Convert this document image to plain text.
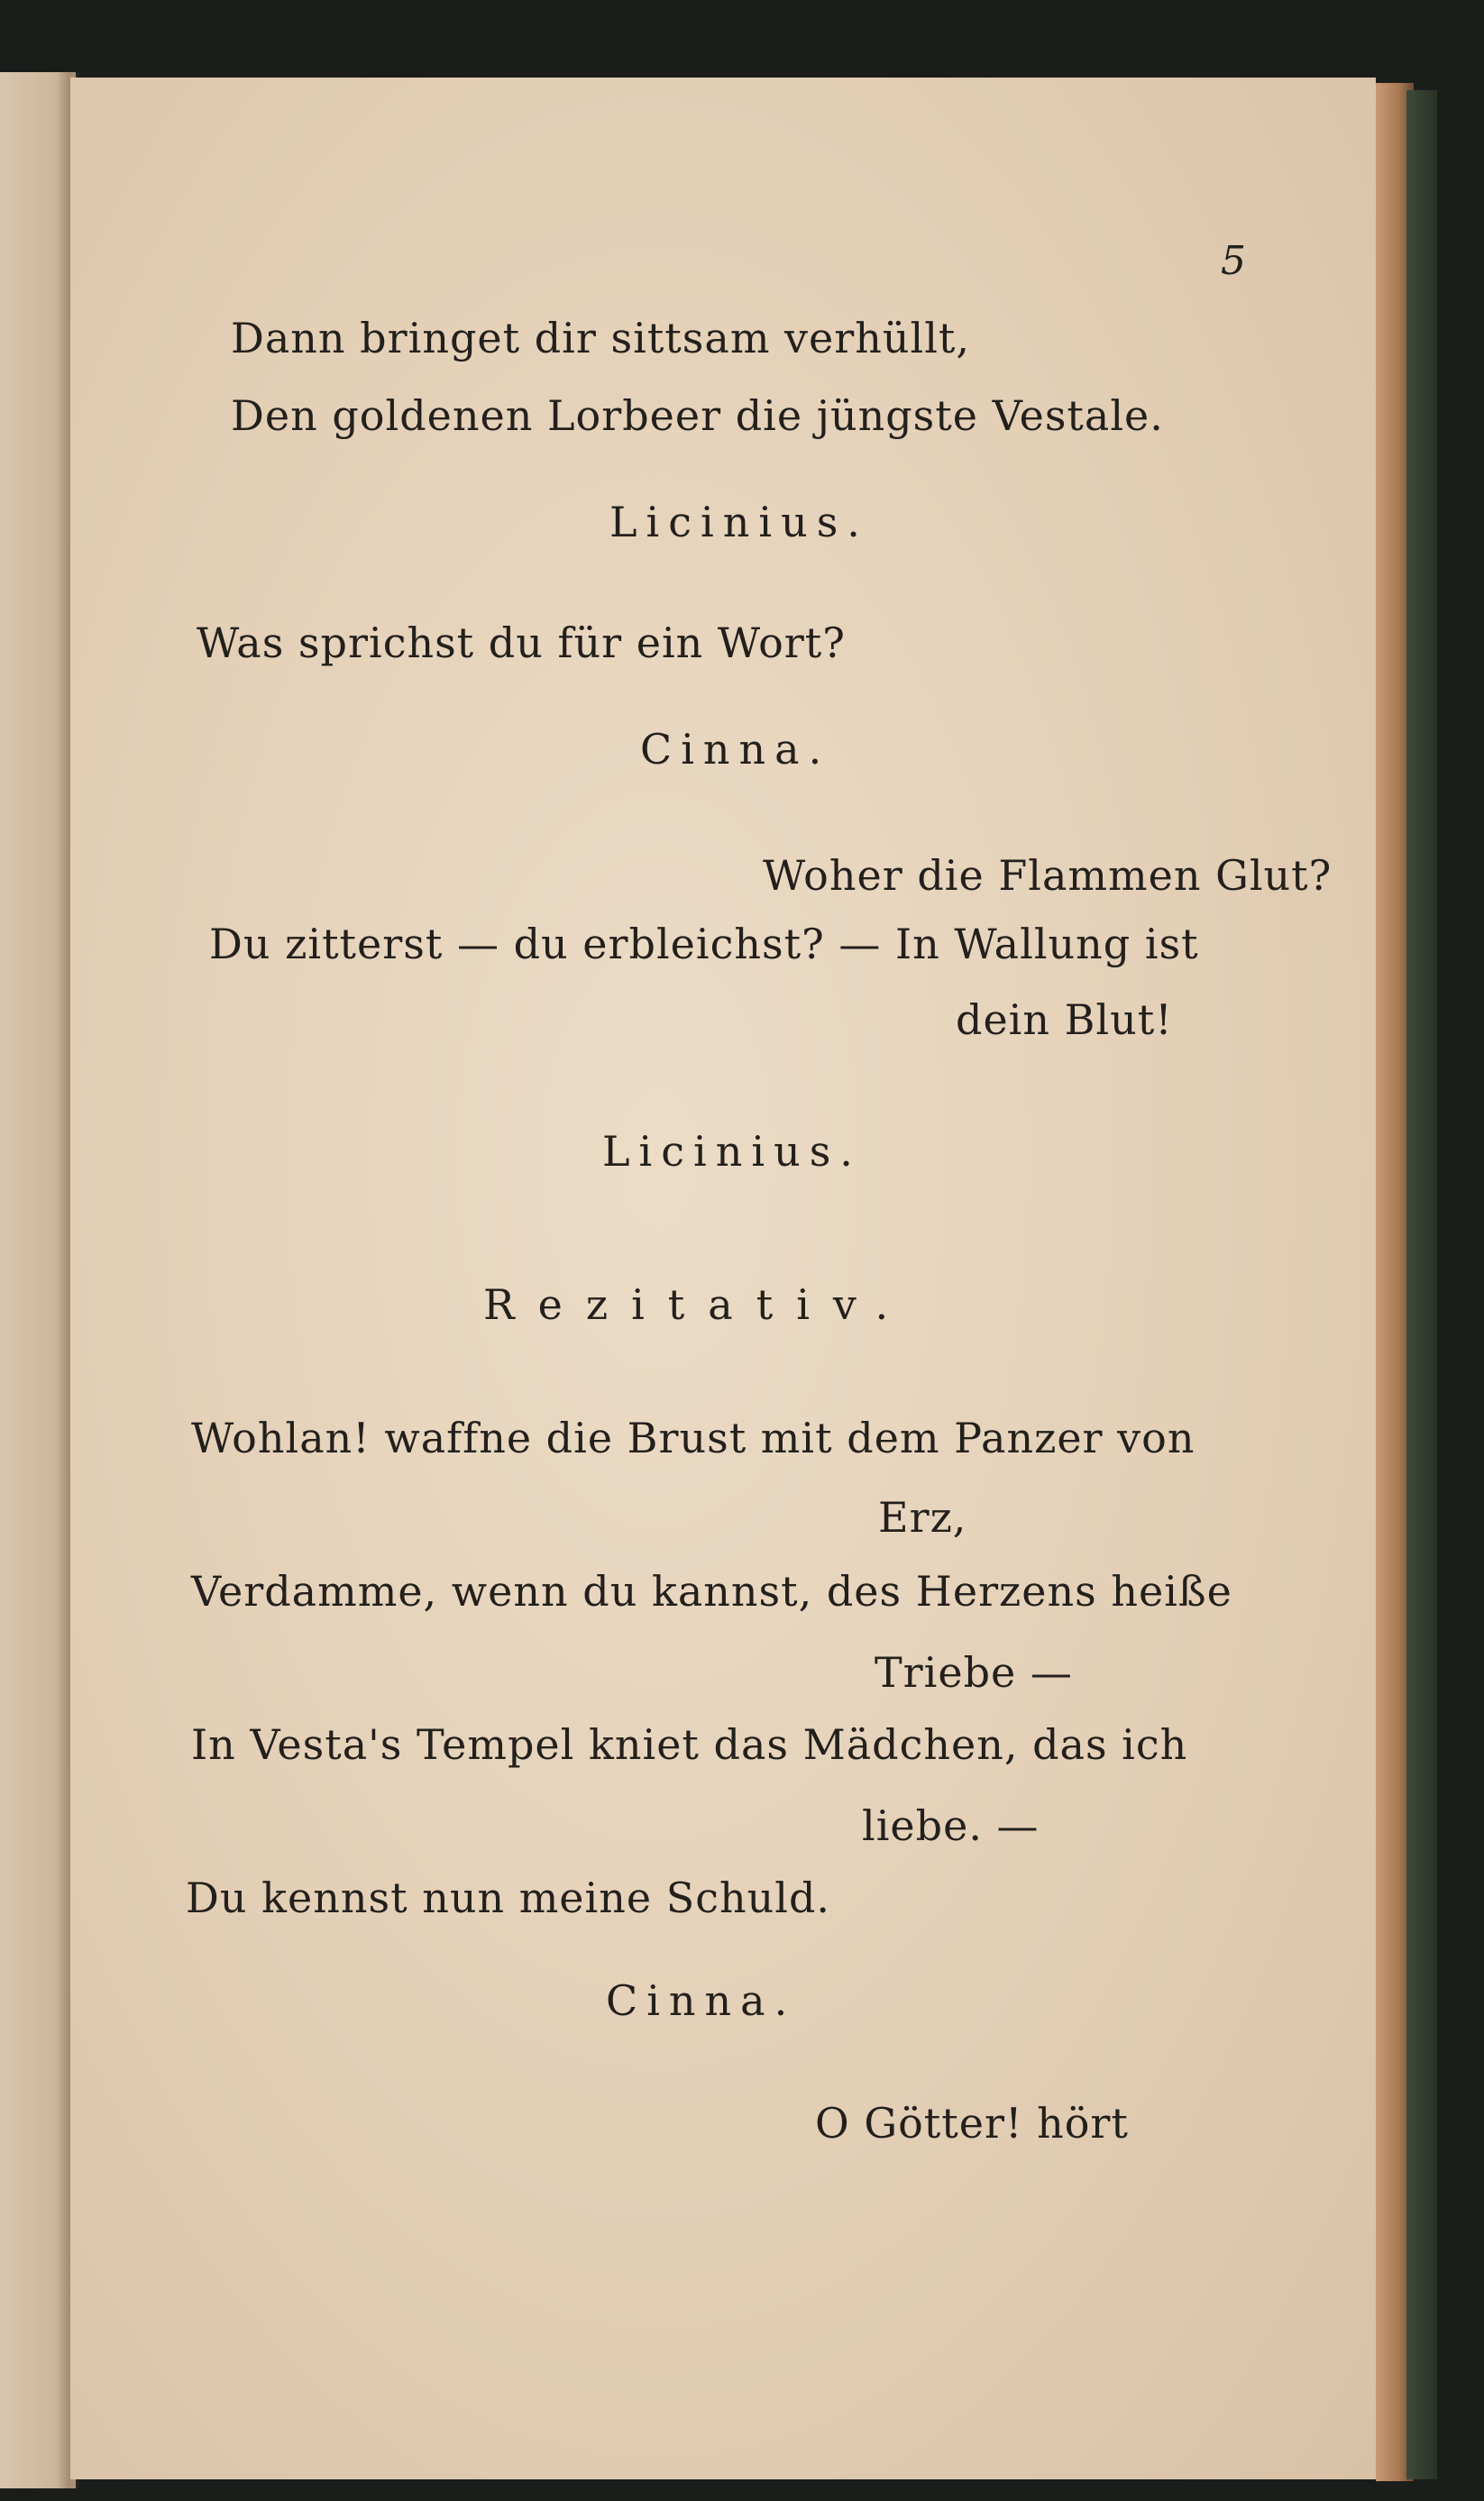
5
Dann bringet dir sittsam verhüllt,
Den goldenen Lorbeer die jüngste Vestale.
Licinius.
Was sprichst du für ein Wort?
Cinna.
Woher die Flammen Glut?
Du zitterst — du erbleichst? — In Wallung ist
dein Blut!
Licinius.
Rezitativ.
Wohlan! waffne die Brust mit dem Panzer von
Erz,
Verdamme, wenn du kannst, des Herzens heiße
Triebe —
In Vesta's Tempel kniet das Mädchen, das ich
liebe. —
Du kennst nun meine Schuld.
Cinna.
O Götter! hört
